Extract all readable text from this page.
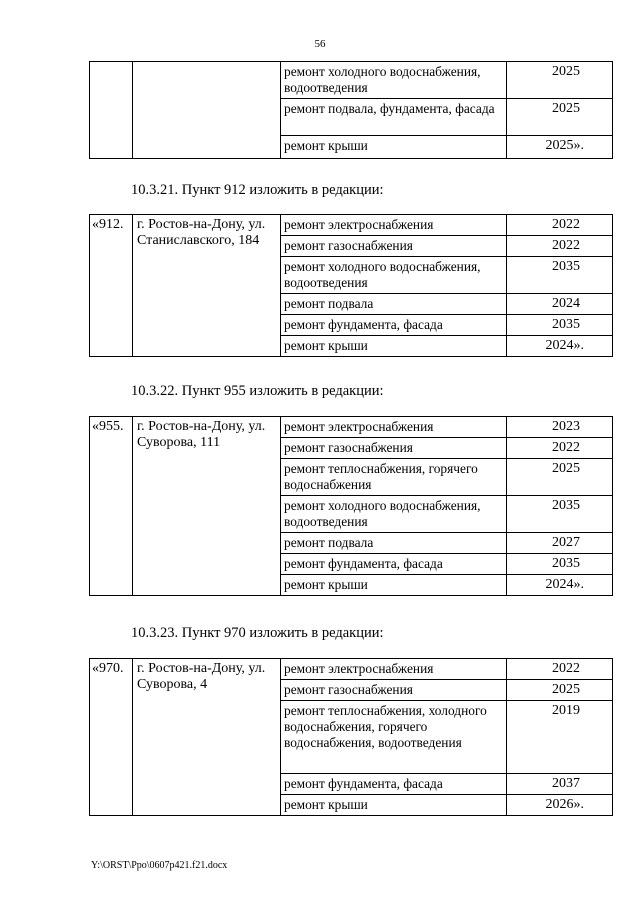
56
		ремонт холодного водоснабжения, водоотведения	2025
		ремонт подвала, фундамента, фасада	2025
		ремонт крыши	2025».
10.3.21. Пункт 912 изложить в редакции:
«912.	г. Ростов-на-Дону, ул. Станиславского, 184	ремонт электроснабжения	2022
		ремонт газоснабжения	2022
		ремонт холодного водоснабжения, водоотведения	2035
		ремонт подвала	2024
		ремонт фундамента, фасада	2035
		ремонт крыши	2024».
10.3.22. Пункт 955 изложить в редакции:
«955.	г. Ростов-на-Дону, ул. Суворова, 111	ремонт электроснабжения	2023
		ремонт газоснабжения	2022
		ремонт теплоснабжения, горячего водоснабжения	2025
		ремонт холодного водоснабжения, водоотведения	2035
		ремонт подвала	2027
		ремонт фундамента, фасада	2035
		ремонт крыши	2024».
10.3.23. Пункт 970 изложить в редакции:
«970.	г. Ростов-на-Дону, ул. Суворова, 4	ремонт электроснабжения	2022
		ремонт газоснабжения	2025
		ремонт теплоснабжения, холодного водоснабжения, горячего водоснабжения, водоотведения	2019
		ремонт фундамента, фасада	2037
		ремонт крыши	2026».
Y:\ORST\Ppo\0607p421.f21.docx
